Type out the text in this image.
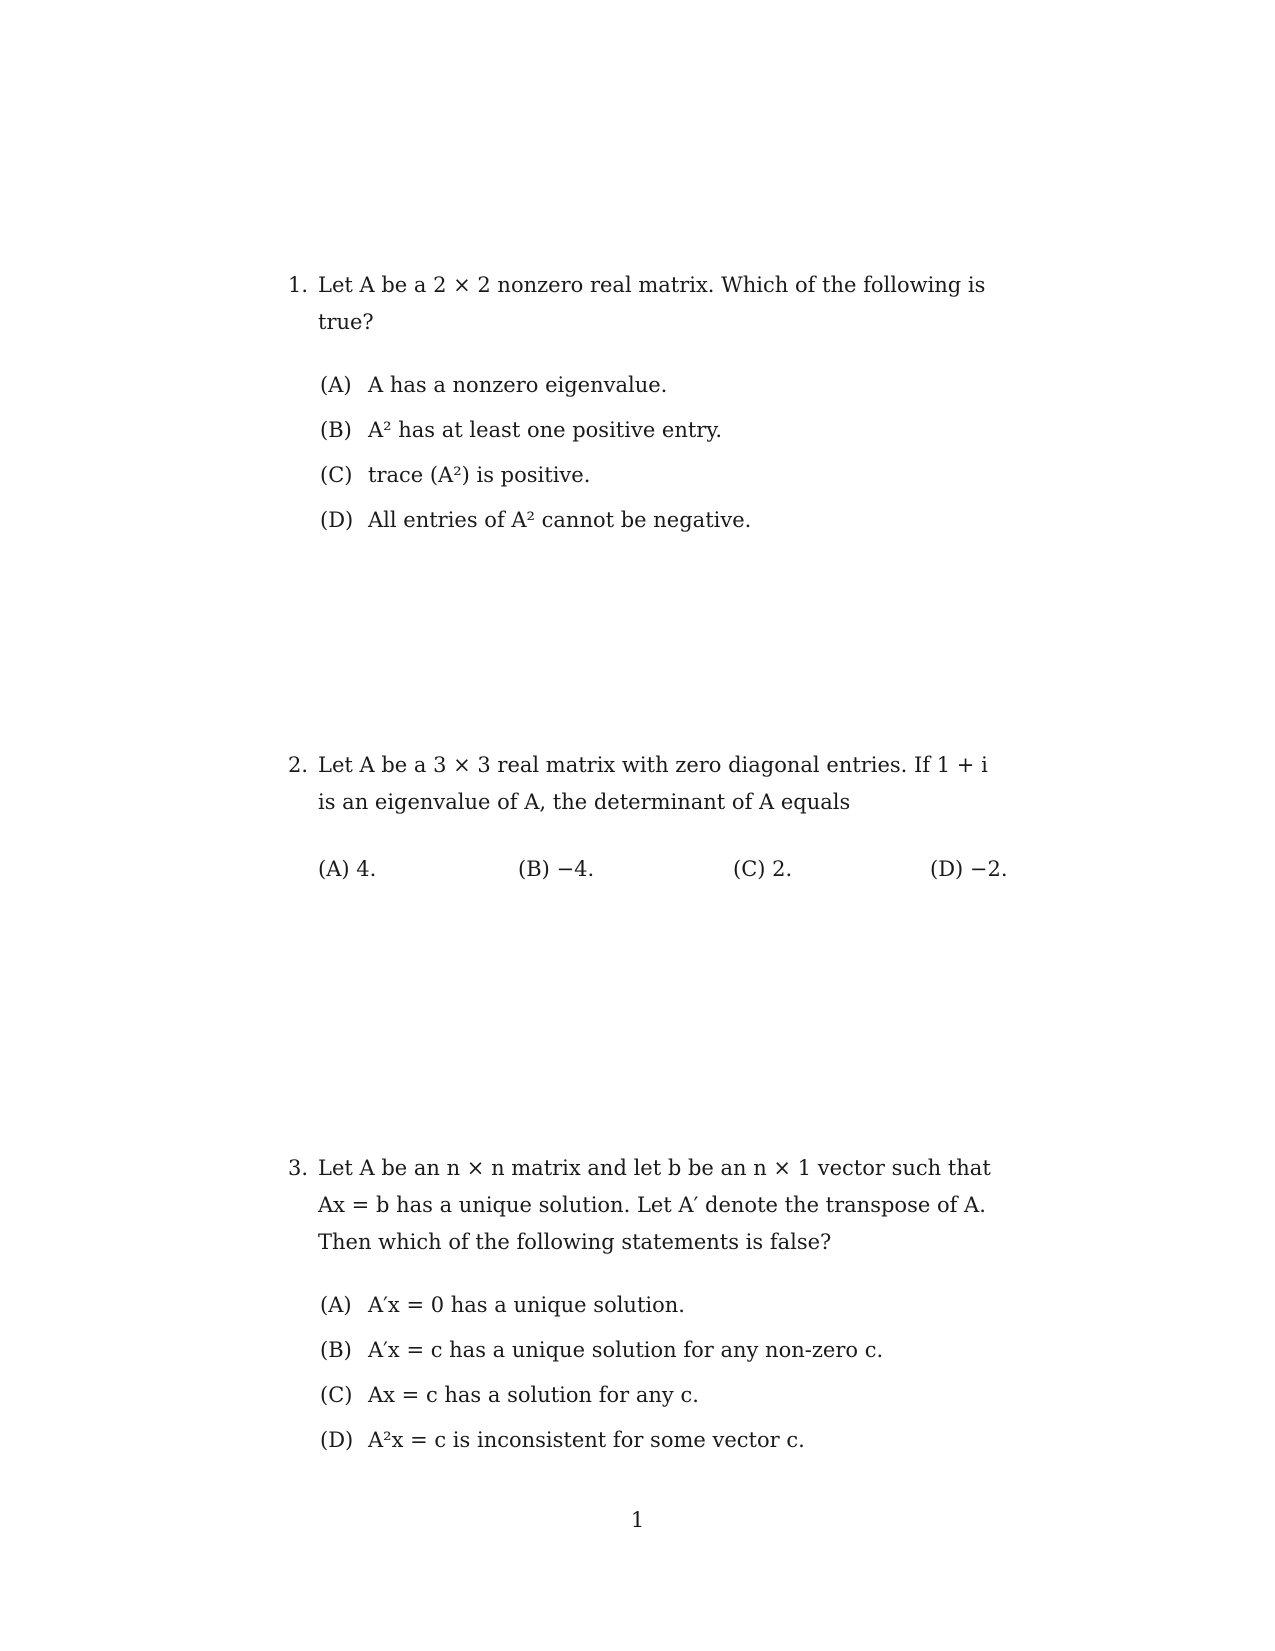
1. Let A be a 2 × 2 nonzero real matrix. Which of the following is true?
(A) A has a nonzero eigenvalue.
(B) A² has at least one positive entry.
(C) trace (A²) is positive.
(D) All entries of A² cannot be negative.
2. Let A be a 3 × 3 real matrix with zero diagonal entries. If 1 + i is an eigenvalue of A, the determinant of A equals
(A) 4.	(B) −4.	(C) 2.	(D) −2.
3. Let A be an n × n matrix and let b be an n × 1 vector such that Ax = b has a unique solution. Let A′ denote the transpose of A. Then which of the following statements is false?
(A) A′x = 0 has a unique solution.
(B) A′x = c has a unique solution for any non-zero c.
(C) Ax = c has a solution for any c.
(D) A²x = c is inconsistent for some vector c.
1
